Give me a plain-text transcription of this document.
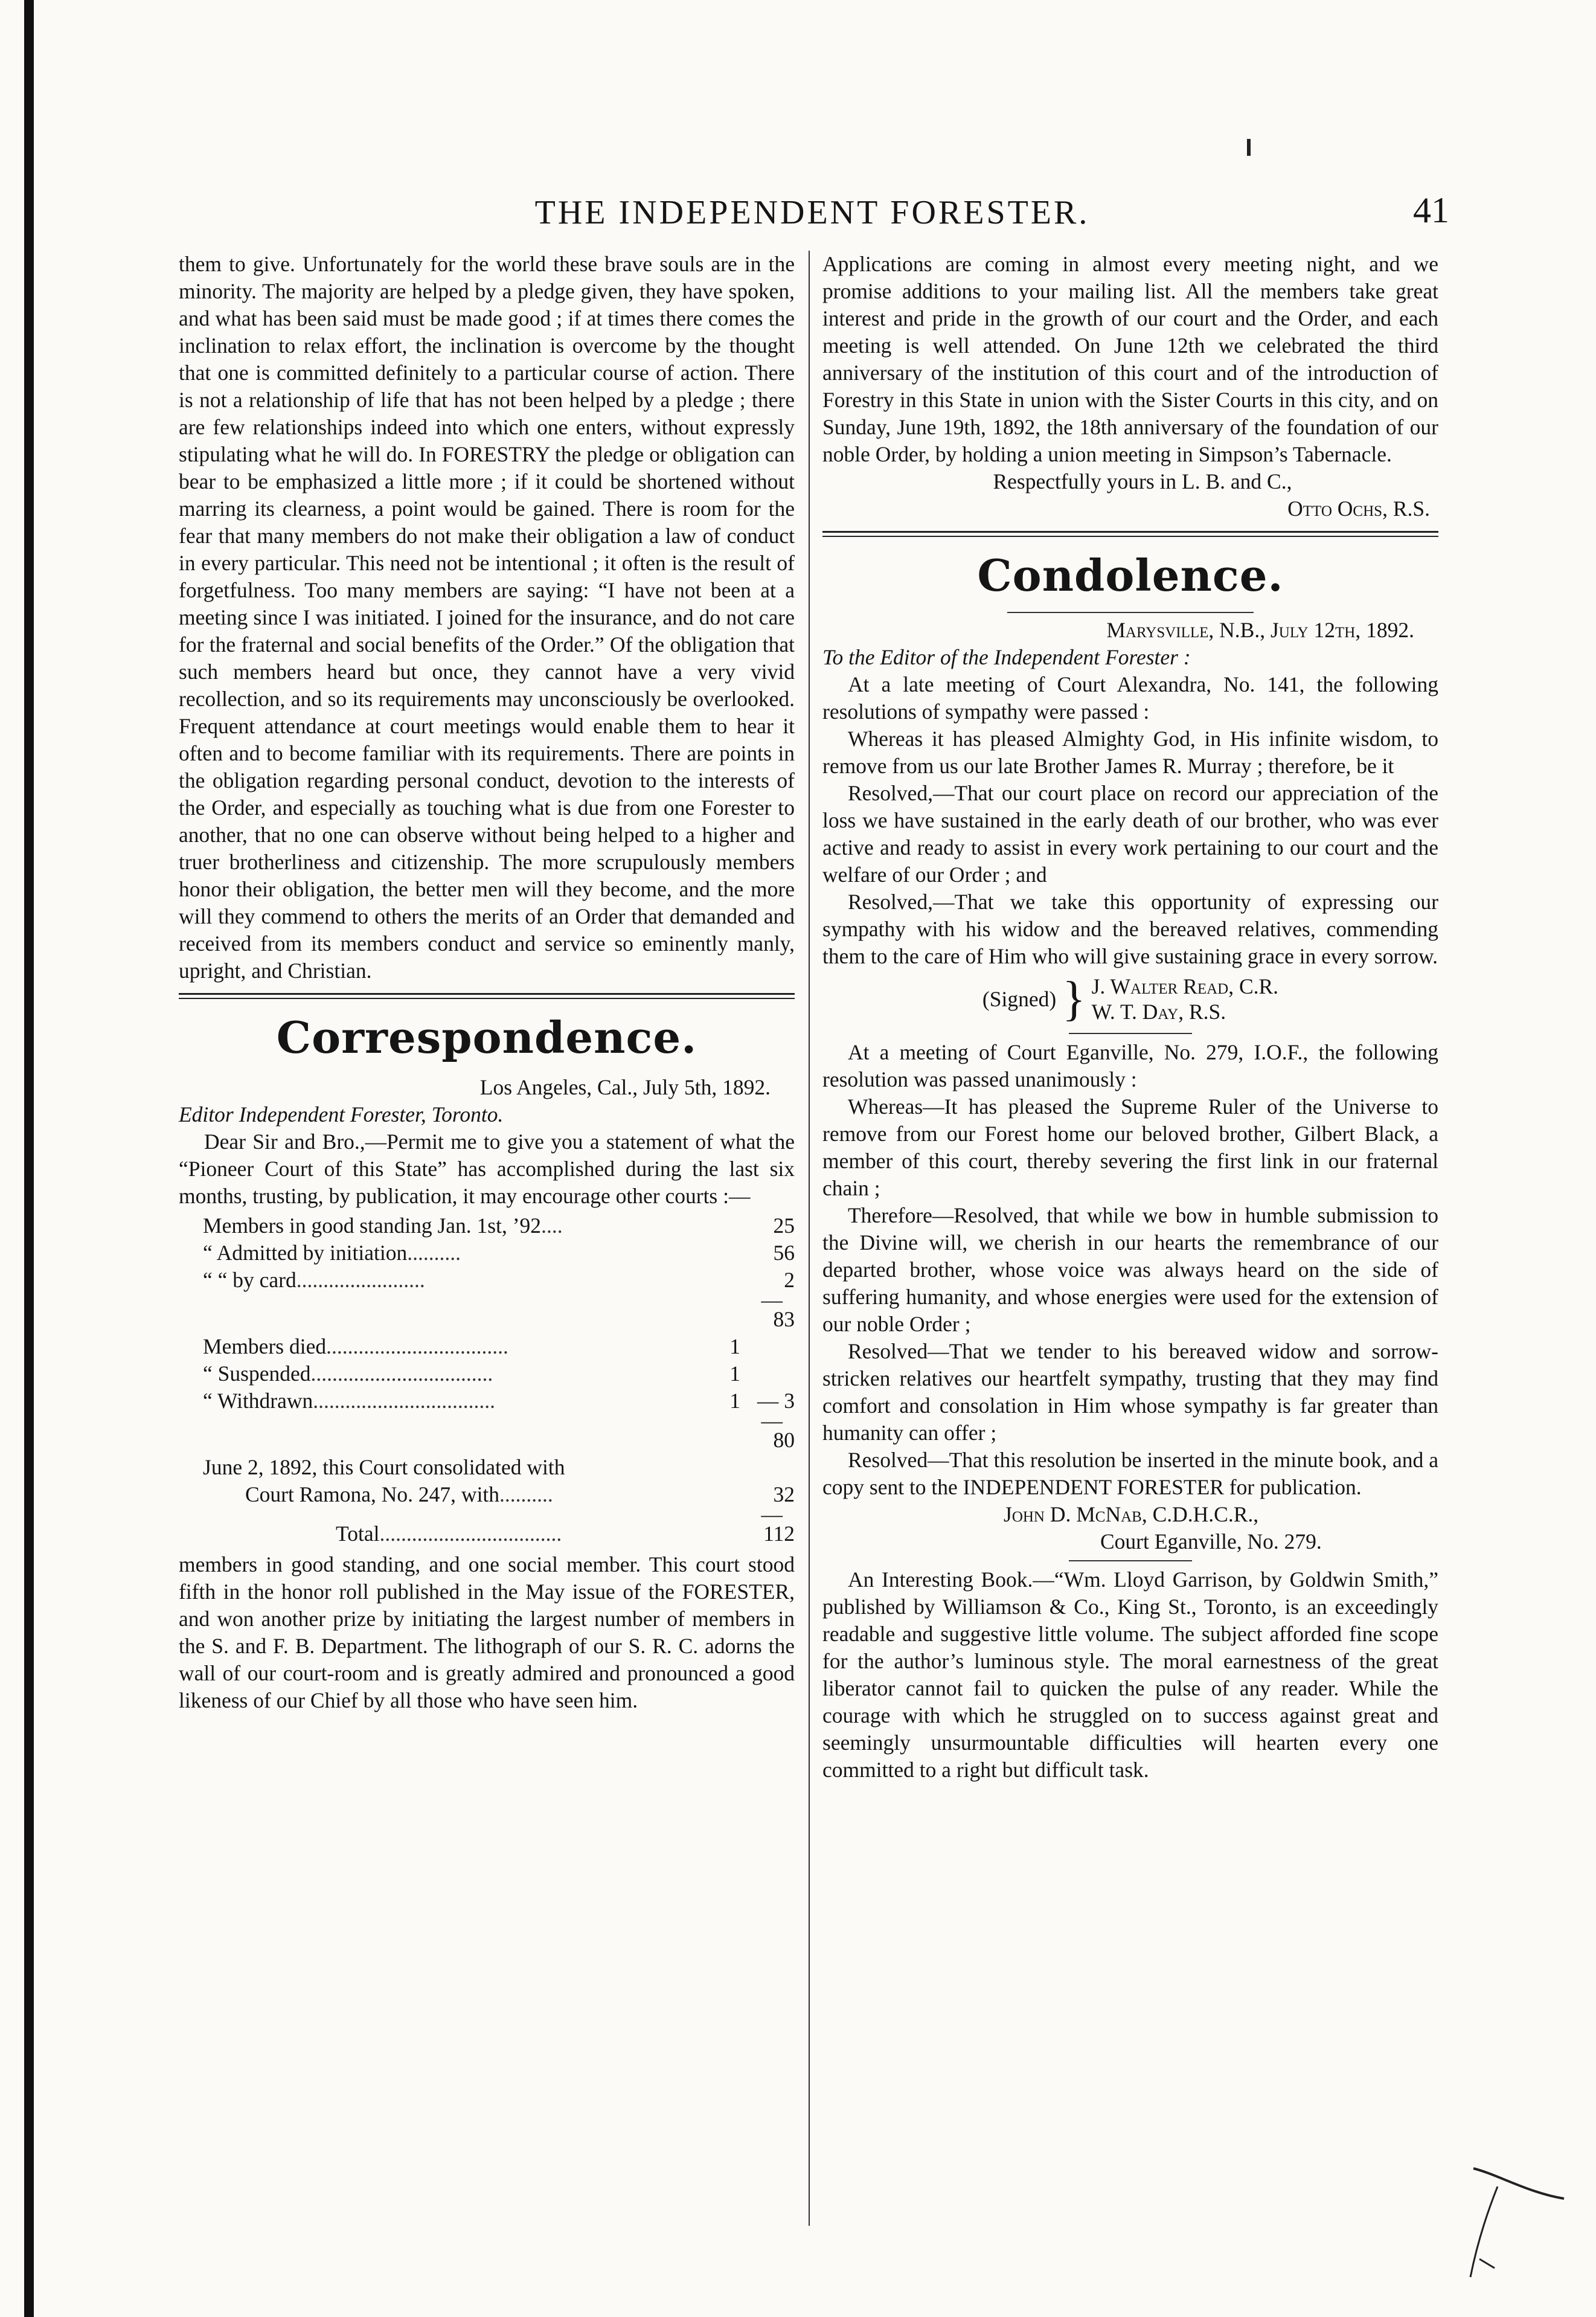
THE INDEPENDENT FORESTER.	41

them to give. Unfortunately for the world these brave souls are in the minority. The majority are helped by a pledge given, they have spoken, and what has been said must be made good ; if at times there comes the inclination to relax effort, the inclination is overcome by the thought that one is committed definitely to a particular course of action. There is not a relationship of life that has not been helped by a pledge ; there are few relationships indeed into which one enters, without expressly stipulating what he will do. In FORESTRY the pledge or obligation can bear to be emphasized a little more ; if it could be shortened without marring its clearness, a point would be gained. There is room for the fear that many members do not make their obligation a law of conduct in every particular. This need not be intentional ; it often is the result of forgetfulness. Too many members are saying: “I have not been at a meeting since I was initiated. I joined for the insurance, and do not care for the fraternal and social benefits of the Order.” Of the obligation that such members heard but once, they cannot have a very vivid recollection, and so its requirements may unconsciously be overlooked. Frequent attendance at court meetings would enable them to hear it often and to become familiar with its requirements. There are points in the obligation regarding personal conduct, devotion to the interests of the Order, and especially as touching what is due from one Forester to another, that no one can observe without being helped to a higher and truer brotherliness and citizenship. The more scrupulously members honor their obligation, the better men will they become, and the more will they commend to others the merits of an Order that demanded and received from its members conduct and service so eminently manly, upright, and Christian.

Correspondence.
Los Angeles, Cal., July 5th, 1892.
Editor Independent Forester, Toronto.

Dear Sir and Bro.,—Permit me to give you a statement of what the “Pioneer Court of this State” has accomplished during the last six months, trusting, by publication, it may encourage other courts :—

Members in good standing Jan. 1st, ’92 ....	25
“ Admitted by initiation ..........	56
“ “ by card ........................	2
—
83
Members died ..................................	1
“ Suspended ..................................	1
“ Withdrawn ..................................	1 — 3
—
80
June 2, 1892, this Court consolidated with
Court Ramona, No. 247, with ..........	32
—
Total ..................................	112

members in good standing, and one social member. This court stood fifth in the honor roll published in the May issue of the FORESTER, and won another prize by initiating the largest number of members in the S. and F. B. Department. The lithograph of our S. R. C. adorns the wall of our court-room and is greatly admired and pronounced a good likeness of our Chief by all those who have seen him.

Applications are coming in almost every meeting night, and we promise additions to your mailing list. All the members take great interest and pride in the growth of our court and the Order, and each meeting is well attended. On June 12th we celebrated the third anniversary of the institution of this court and of the introduction of Forestry in this State in union with the Sister Courts in this city, and on Sunday, June 19th, 1892, the 18th anniversary of the foundation of our noble Order, by holding a union meeting in Simpson’s Tabernacle.

Respectfully yours in L. B. and C.,
Otto Ochs, R.S.
Condolence.
Marysville, N.B., July 12th, 1892.
To the Editor of the Independent Forester :

At a late meeting of Court Alexandra, No. 141, the following resolutions of sympathy were passed :

Whereas it has pleased Almighty God, in His infinite wisdom, to remove from us our late Brother James R. Murray ; therefore, be it

Resolved,—That our court place on record our appreciation of the loss we have sustained in the early death of our brother, who was ever active and ready to assist in every work pertaining to our court and the welfare of our Order ; and

Resolved,—That we take this opportunity of expressing our sympathy with his widow and the bereaved relatives, commending them to the care of Him who will give sustaining grace in every sorrow.

(Signed) } J. Walter Read, C.R.
W. T. Day, R.S.

At a meeting of Court Eganville, No. 279, I.O.F., the following resolution was passed unanimously :

Whereas—It has pleased the Supreme Ruler of the Universe to remove from our Forest home our beloved brother, Gilbert Black, a member of this court, thereby severing the first link in our fraternal chain ;

Therefore—Resolved, that while we bow in humble submission to the Divine will, we cherish in our hearts the remembrance of our departed brother, whose voice was always heard on the side of suffering humanity, and whose energies were used for the extension of our noble Order ;

Resolved—That we tender to his bereaved widow and sorrow-stricken relatives our heartfelt sympathy, trusting that they may find comfort and consolation in Him whose sympathy is far greater than humanity can offer ;

Resolved—That this resolution be inserted in the minute book, and a copy sent to the INDEPENDENT FORESTER for publication.

John D. McNab, C.D.H.C.R.,
Court Eganville, No. 279.

An Interesting Book.—“Wm. Lloyd Garrison, by Goldwin Smith,” published by Williamson & Co., King St., Toronto, is an exceedingly readable and suggestive little volume. The subject afforded fine scope for the author’s luminous style. The moral earnestness of the great liberator cannot fail to quicken the pulse of any reader. While the courage with which he struggled on to success against great and seemingly unsurmountable difficulties will hearten every one committed to a right but difficult task.
